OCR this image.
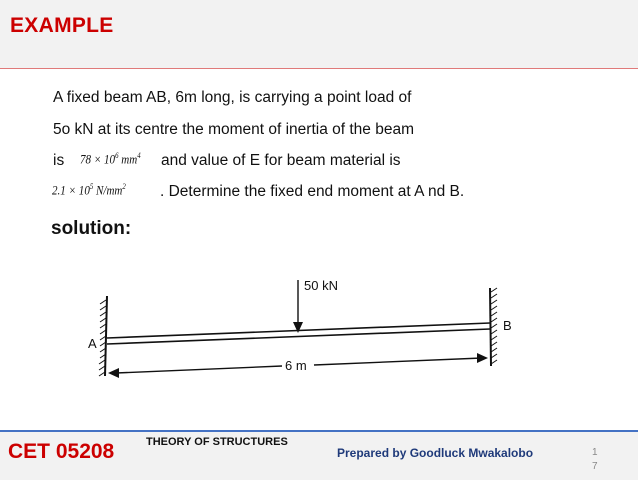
EXAMPLE
A fixed beam AB, 6m long, is carrying a point load of
5o kN at its centre the moment of inertia of the beam
is $78 \times 10^6$ $mm^4$	and value of E for beam material is
$2.1 \times 10^5$ $N/mm^2$	. Determine the fixed end moment at A nd B.
solution:
50 kN
A
B
6 m
CET 05208	THEORY OF STRUCTURES
Prepared by Goodluck Mwakalobo	17
